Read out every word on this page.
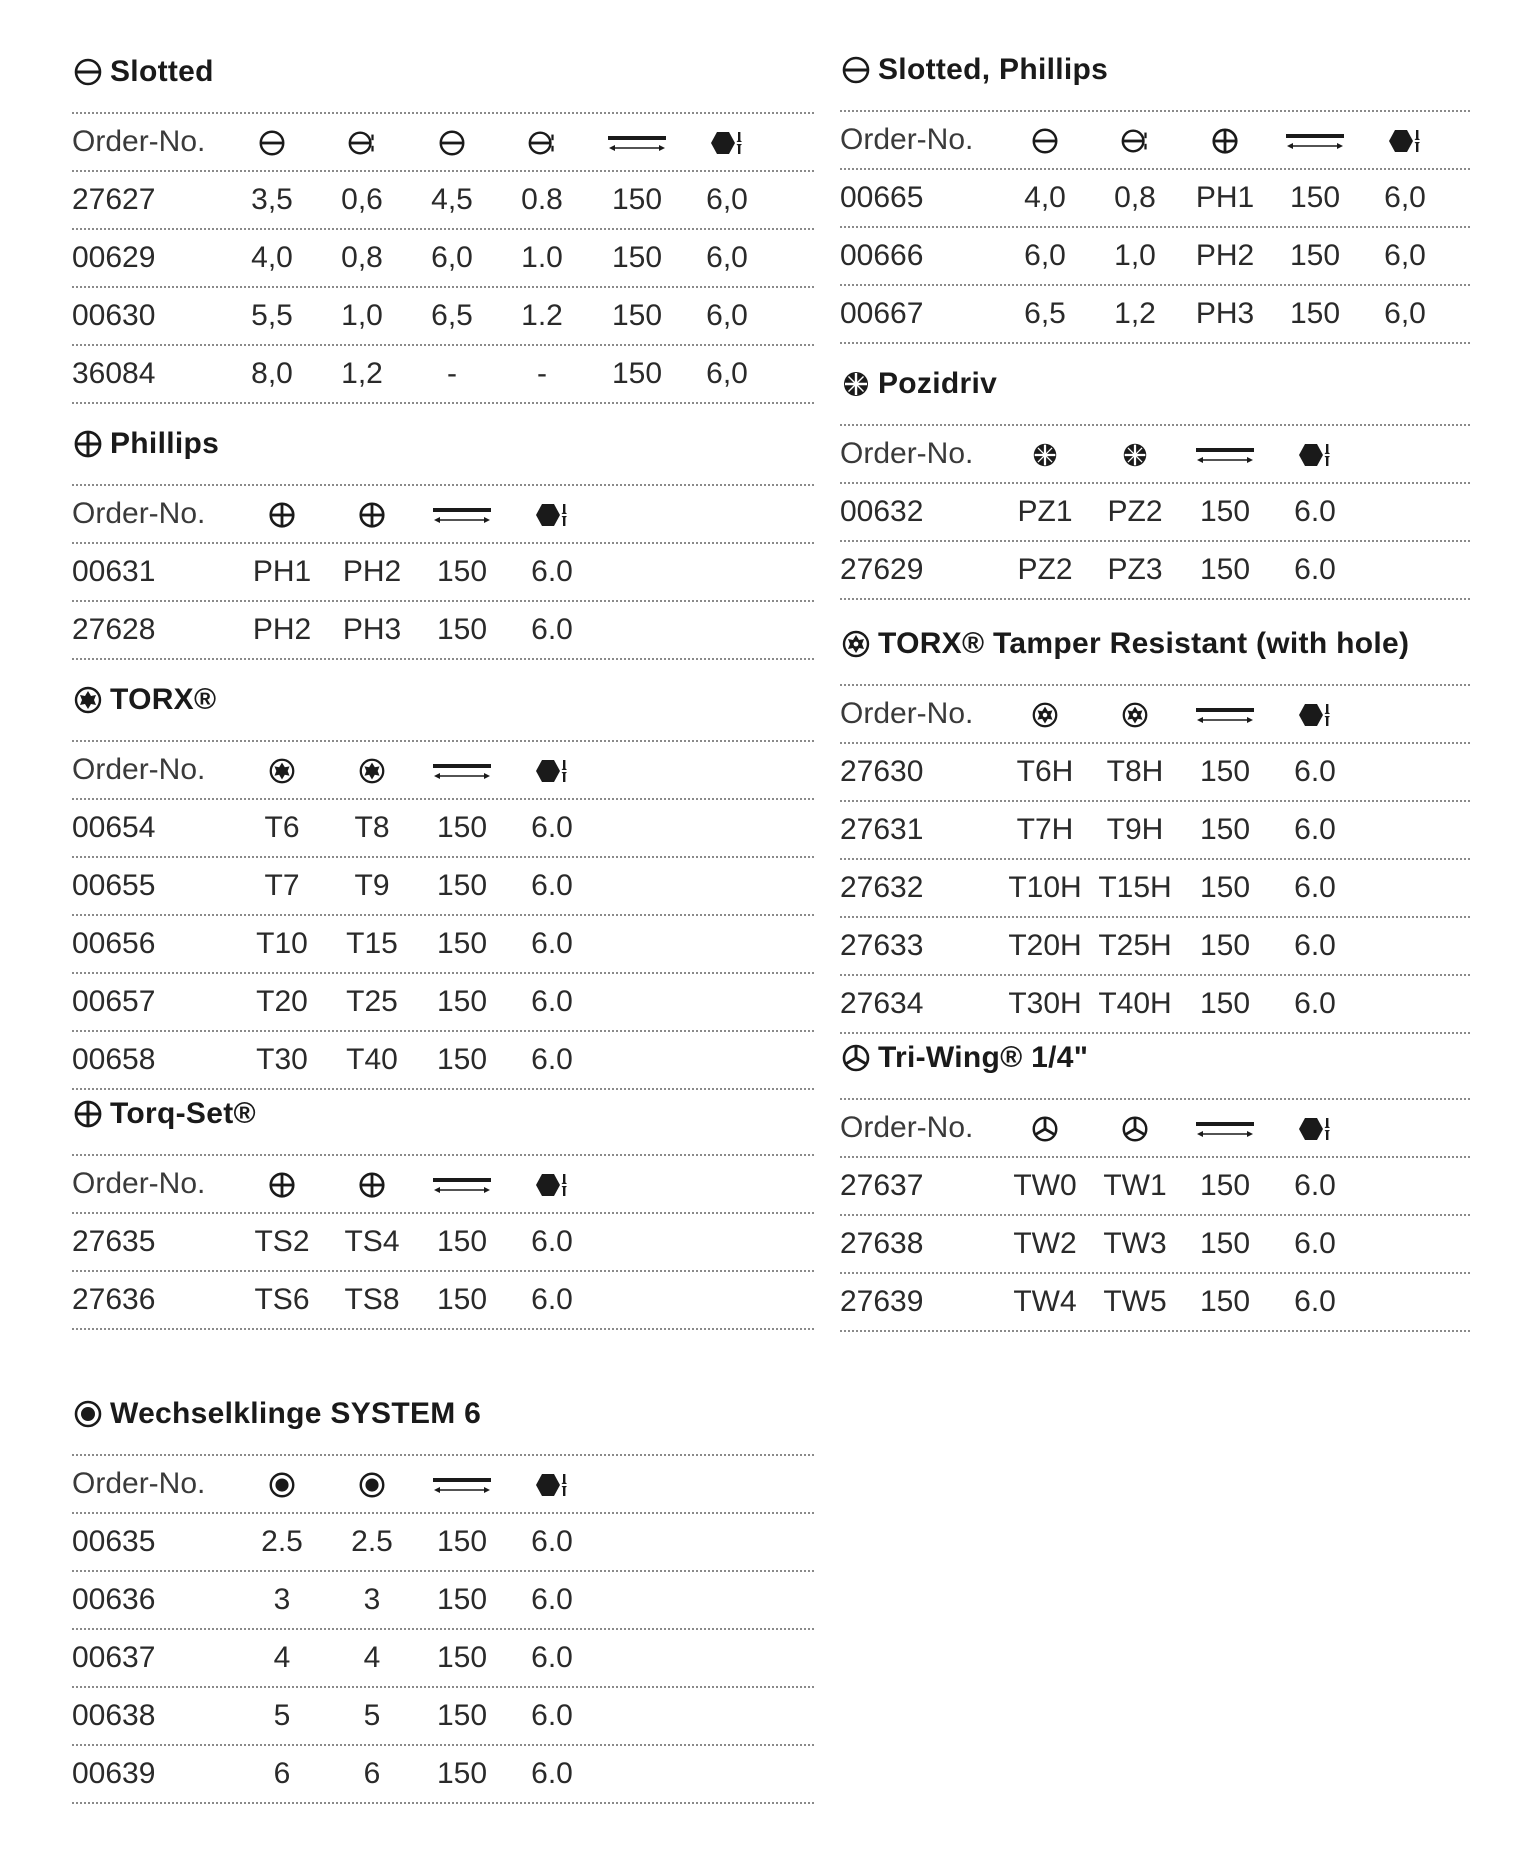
Slotted
Order-No.
27627	3,5 0,6 4,5 0.8 150 6,0
00629	4,0 0,8 6,0 1.0 150 6,0
00630	5,5 1,0 6,5 1.2 150 6,0
36084	8,0 1,2 -	- 150 6,0
Phillips
Order-No.
00631	PH1 PH2 150 6.0
27628	PH2 PH3 150 6.0
TORX®
Order-No.
00654	T6 T8 150 6.0
00655	T7 T9 150 6.0
00656	T10 T15 150 6.0
00657	T20 T25 150 6.0
00658	T30 T40 150 6.0
Torq-Set®
Order-No.
27635	TS2 TS4 150 6.0
27636	TS6 TS8 150 6.0
Wechselklinge SYSTEM 6
Order-No.
00635	2.5 2.5 150 6.0
00636	3 3 150 6.0
00637	4 4 150 6.0
00638	5 5 150 6.0
00639	6 6 150 6.0
Slotted, Phillips
Order-No.
00665	4,0 0,8 PH1 150 6,0
00666	6,0 1,0 PH2 150 6,0
00667	6,5 1,2 PH3 150 6,0
Pozidriv
Order-No.
00632	PZ1 PZ2 150 6.0
27629	PZ2 PZ3 150 6.0
TORX® Tamper Resistant (with hole)
Order-No.
27630	T6H T8H 150 6.0
27631	T7H T9H 150 6.0
27632	T10H T15H 150 6.0
27633	T20H T25H 150 6.0
27634	T30H T40H 150 6.0
Tri-Wing® 1/4"
Order-No.
27637	TW0 TW1 150 6.0
27638	TW2 TW3 150 6.0
27639	TW4 TW5 150 6.0
